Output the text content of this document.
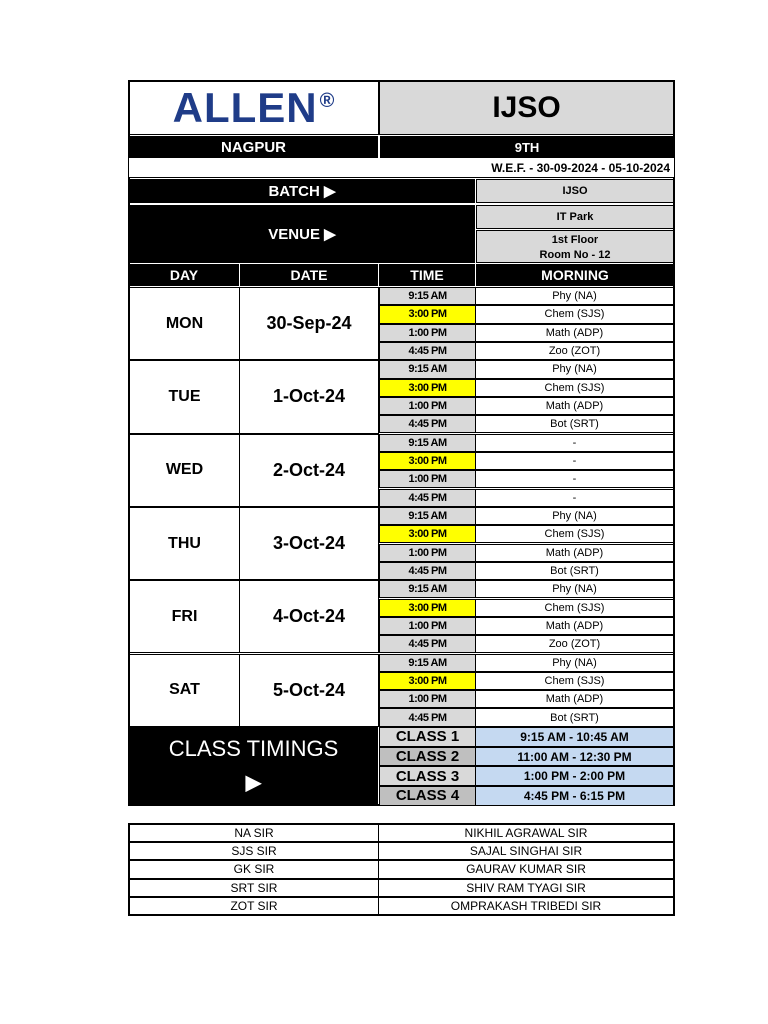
ALLEN ®	IJSO
NAGPUR	9TH
W.E.F. - 30-09-2024 - 05-10-2024
BATCH ▶	IJSO
VENUE ▶
IT Park
1st Floor
Room No - 12
DAY	DATE	TIME	MORNING
MON	30-Sep-24
9:15 AM	Phy (NA)
3:00 PM	Chem (SJS)
1:00 PM	Math (ADP)
4:45 PM	Zoo (ZOT)
TUE	1-Oct-24
9:15 AM	Phy (NA)
3:00 PM	Chem (SJS)
1:00 PM	Math (ADP)
4:45 PM	Bot (SRT)
WED	2-Oct-24
9:15 AM	-
3:00 PM	-
1:00 PM	-
4:45 PM	-
THU	3-Oct-24
9:15 AM	Phy (NA)
3:00 PM	Chem (SJS)
1:00 PM	Math (ADP)
4:45 PM	Bot (SRT)
FRI	4-Oct-24
9:15 AM	Phy (NA)
3:00 PM	Chem (SJS)
1:00 PM	Math (ADP)
4:45 PM	Zoo (ZOT)
SAT	5-Oct-24
9:15 AM	Phy (NA)
3:00 PM	Chem (SJS)
1:00 PM	Math (ADP)
4:45 PM	Bot (SRT)
CLASS TIMINGS
▶
CLASS 1	9:15 AM - 10:45 AM
CLASS 2	11:00 AM - 12:30 PM
CLASS 3	1:00 PM - 2:00 PM
CLASS 4	4:45 PM - 6:15 PM
NA SIR	NIKHIL AGRAWAL SIR
SJS SIR	SAJAL SINGHAI SIR
GK SIR	GAURAV KUMAR SIR
SRT SIR	SHIV RAM TYAGI SIR
ZOT SIR	OMPRAKASH TRIBEDI SIR
